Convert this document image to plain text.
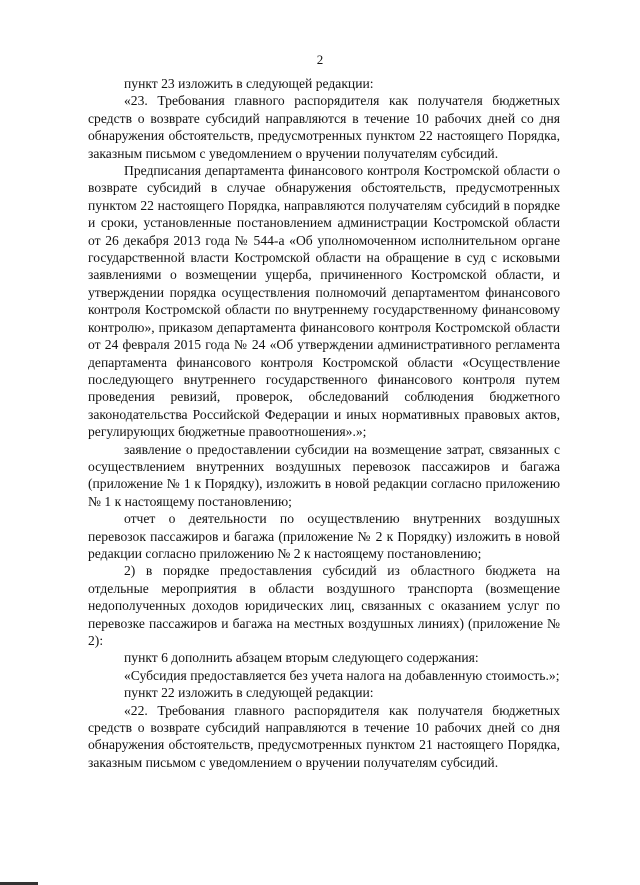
2

пункт 23 изложить в следующей редакции:

«23. Требования главного распорядителя как получателя бюджетных средств о возврате субсидий направляются в течение 10 рабочих дней со дня обнаружения обстоятельств, предусмотренных пунктом 22 настоящего Порядка, заказным письмом с уведомлением о вручении получателям субсидий.

Предписания департамента финансового контроля Костромской области о возврате субсидий в случае обнаружения обстоятельств, предусмотренных пунктом 22 настоящего Порядка, направляются получателям субсидий в порядке и сроки, установленные постановлением администрации Костромской области от 26 декабря 2013 года № 544-а «Об уполномоченном исполнительном органе государственной власти Костромской области на обращение в суд с исковыми заявлениями о возмещении ущерба, причиненного Костромской области, и утверждении порядка осуществления полномочий департаментом финансового контроля Костромской области по внутреннему государственному финансовому контролю», приказом департамента финансового контроля Костромской области от 24 февраля 2015 года № 24 «Об утверждении административного регламента департамента финансового контроля Костромской области «Осуществление последующего внутреннего государственного финансового контроля путем проведения ревизий, проверок, обследований соблюдения бюджетного законодательства Российской Федерации и иных нормативных правовых актов, регулирующих бюджетные правоотношения».»;

заявление о предоставлении субсидии на возмещение затрат, связанных с осуществлением внутренних воздушных перевозок пассажиров и багажа (приложение № 1 к Порядку), изложить в новой редакции согласно приложению № 1 к настоящему постановлению;

отчет о деятельности по осуществлению внутренних воздушных перевозок пассажиров и багажа (приложение № 2 к Порядку) изложить в новой редакции согласно приложению № 2 к настоящему постановлению;

2) в порядке предоставления субсидий из областного бюджета на отдельные мероприятия в области воздушного транспорта (возмещение недополученных доходов юридических лиц, связанных с оказанием услуг по перевозке пассажиров и багажа на местных воздушных линиях) (приложение № 2):

пункт 6 дополнить абзацем вторым следующего содержания:

«Субсидия предоставляется без учета налога на добавленную стоимость.»;

пункт 22 изложить в следующей редакции:

«22. Требования главного распорядителя как получателя бюджетных средств о возврате субсидий направляются в течение 10 рабочих дней со дня обнаружения обстоятельств, предусмотренных пунктом 21 настоящего Порядка, заказным письмом с уведомлением о вручении получателям субсидий.
